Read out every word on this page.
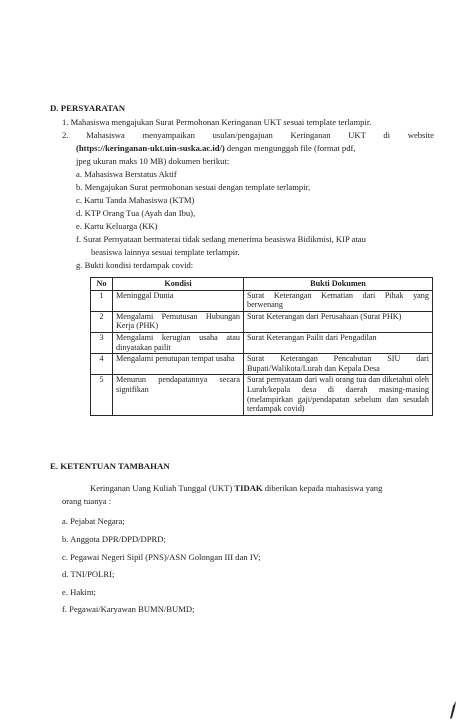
D. PERSYARATAN
1. Mahasiswa mengajukan Surat Permohonan Keringanan UKT sesuai template terlampir.
2. Mahasiswa menyampaikan usulan/pengajuan Keringanan UKT di website
(https://keringanan-ukt.uin-suska.ac.id/) dengan mengunggah file (format pdf,
jpeg ukuran maks 10 MB) dokumen berikut:
a. Mahasiswa Berstatus Aktif
b. Mengajukan Surat permohonan sesuai dengan template terlampir,
c. Kartu Tanda Mahasiswa (KTM)
d. KTP Orang Tua (Ayah dan Ibu),
e. Kartu Keluarga (KK)
f. Surat Pernyataan bermaterai tidak sedang menerima beasiswa Bidikmisi, KIP atau
beasiswa lainnya sesuai template terlampir.
g. Bukti kondisi terdampak covid:
No	Kondisi	Bukti Dokumen
1	Meninggal Dunia	Surat Keterangan Kematian dari Pihak yang berwenang
2	Mengalami Pemutusan Hubungan Kerja (PHK)	Surat Keterangan dari Perusahaan (Surat PHK)
3	Mengalami kerugian usaha atau dinyatakan pailit	Surat Keterangan Pailit dari Pengadilan
4	Mengalami penutupan tempat usaha	Surat Keterangan Pencabutan SIU dari Bupati/Walikota/Lurah dan Kepala Desa
5	Menurun pendapatannya secara signifikan	Surat pernyataan dari wali orang tua dan diketahui oleh Lurah/kepala desa di daerah masing-masing (melampirkan gaji/pendapatan sebelum dan sesudah terdampak covid)
E. KETENTUAN TAMBAHAN
Keringanan Uang Kuliah Tunggal (UKT) TIDAK diberikan kepada mahasiswa yang
orang tuanya :
a. Pejabat Negara;
b. Anggota DPR/DPD/DPRD;
c. Pegawai Negeri Sipil (PNS)/ASN Golongan III dan IV;
d. TNI/POLRI;
e. Hakim;
f. Pegawai/Karyawan BUMN/BUMD;
